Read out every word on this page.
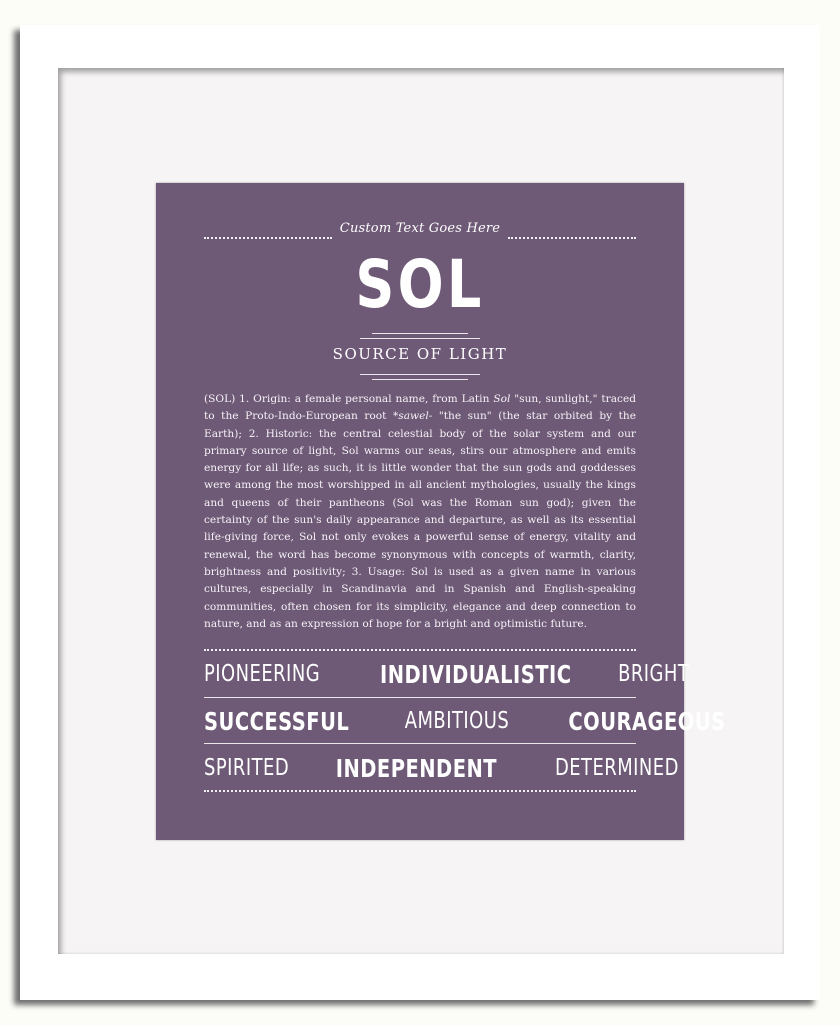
Custom Text Goes Here
SOL
SOURCE OF LIGHT
(SOL) 1. Origin: a female personal name, from Latin Sol "sun, sunlight," traced to the Proto-Indo-European root *sawel- "the sun" (the star orbited by the Earth); 2. Historic: the central celestial body of the solar system and our primary source of light, Sol warms our seas, stirs our atmosphere and emits energy for all life; as such, it is little wonder that the sun gods and goddesses were among the most worshipped in all ancient mythologies, usually the kings and queens of their pantheons (Sol was the Roman sun god); given the certainty of the sun's daily appearance and departure, as well as its essential life-giving force, Sol not only evokes a powerful sense of energy, vitality and renewal, the word has become synonymous with concepts of warmth, clarity, brightness and positivity; 3. Usage: Sol is used as a given name in various cultures, especially in Scandinavia and in Spanish and English-speaking communities, often chosen for its simplicity, elegance and deep connection to nature, and as an expression of hope for a bright and optimistic future.
PIONEERING INDIVIDUALISTIC BRIGHT
SUCCESSFUL AMBITIOUS COURAGEOUS
SPIRITED INDEPENDENT	DETERMINED
